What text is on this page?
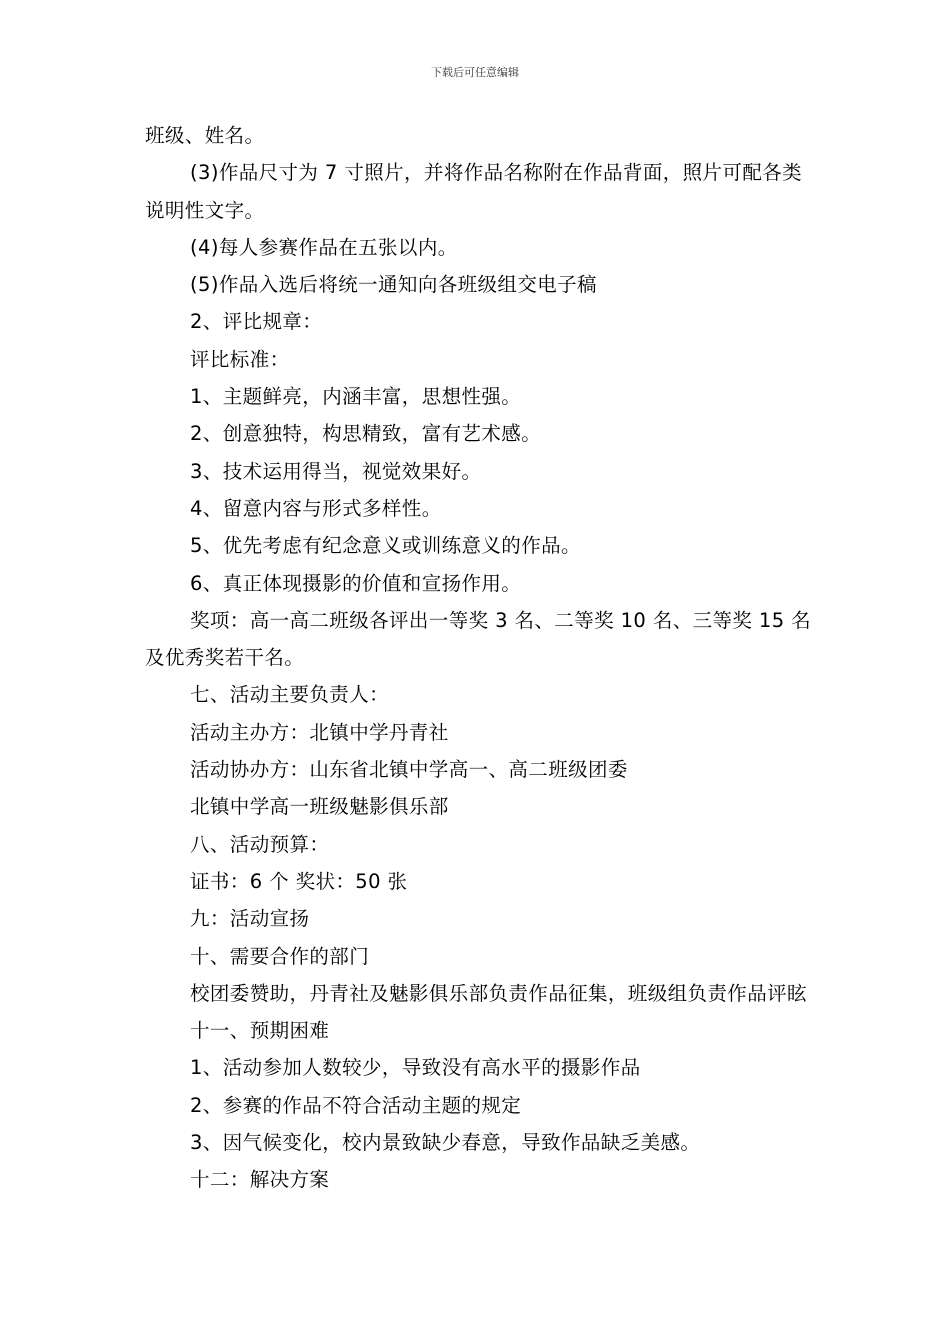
下载后可任意编辑

班级、姓名。

(3)作品尺寸为 7 寸照片，并将作品名称附在作品背面，照片可配各类说明性文字。

(4)每人参赛作品在五张以内。

(5)作品入选后将统一通知向各班级组交电子稿

2、评比规章：

评比标准：

1、主题鲜亮，内涵丰富，思想性强。

2、创意独特，构思精致，富有艺术感。

3、技术运用得当，视觉效果好。

4、留意内容与形式多样性。

5、优先考虑有纪念意义或训练意义的作品。

6、真正体现摄影的价值和宣扬作用。

奖项：高一高二班级各评出一等奖 3 名、二等奖 10 名、三等奖 15 名及优秀奖若干名。

七、活动主要负责人：

活动主办方：北镇中学丹青社

活动协办方：山东省北镇中学高一、高二班级团委

北镇中学高一班级魅影俱乐部

八、活动预算：

证书：6 个 奖状：50 张

九：活动宣扬

十、需要合作的部门

校团委赞助，丹青社及魅影俱乐部负责作品征集，班级组负责作品评眩

十一、预期困难

1、活动参加人数较少，导致没有高水平的摄影作品

2、参赛的作品不符合活动主题的规定

3、因气候变化，校内景致缺少春意，导致作品缺乏美感。

十二：解决方案
